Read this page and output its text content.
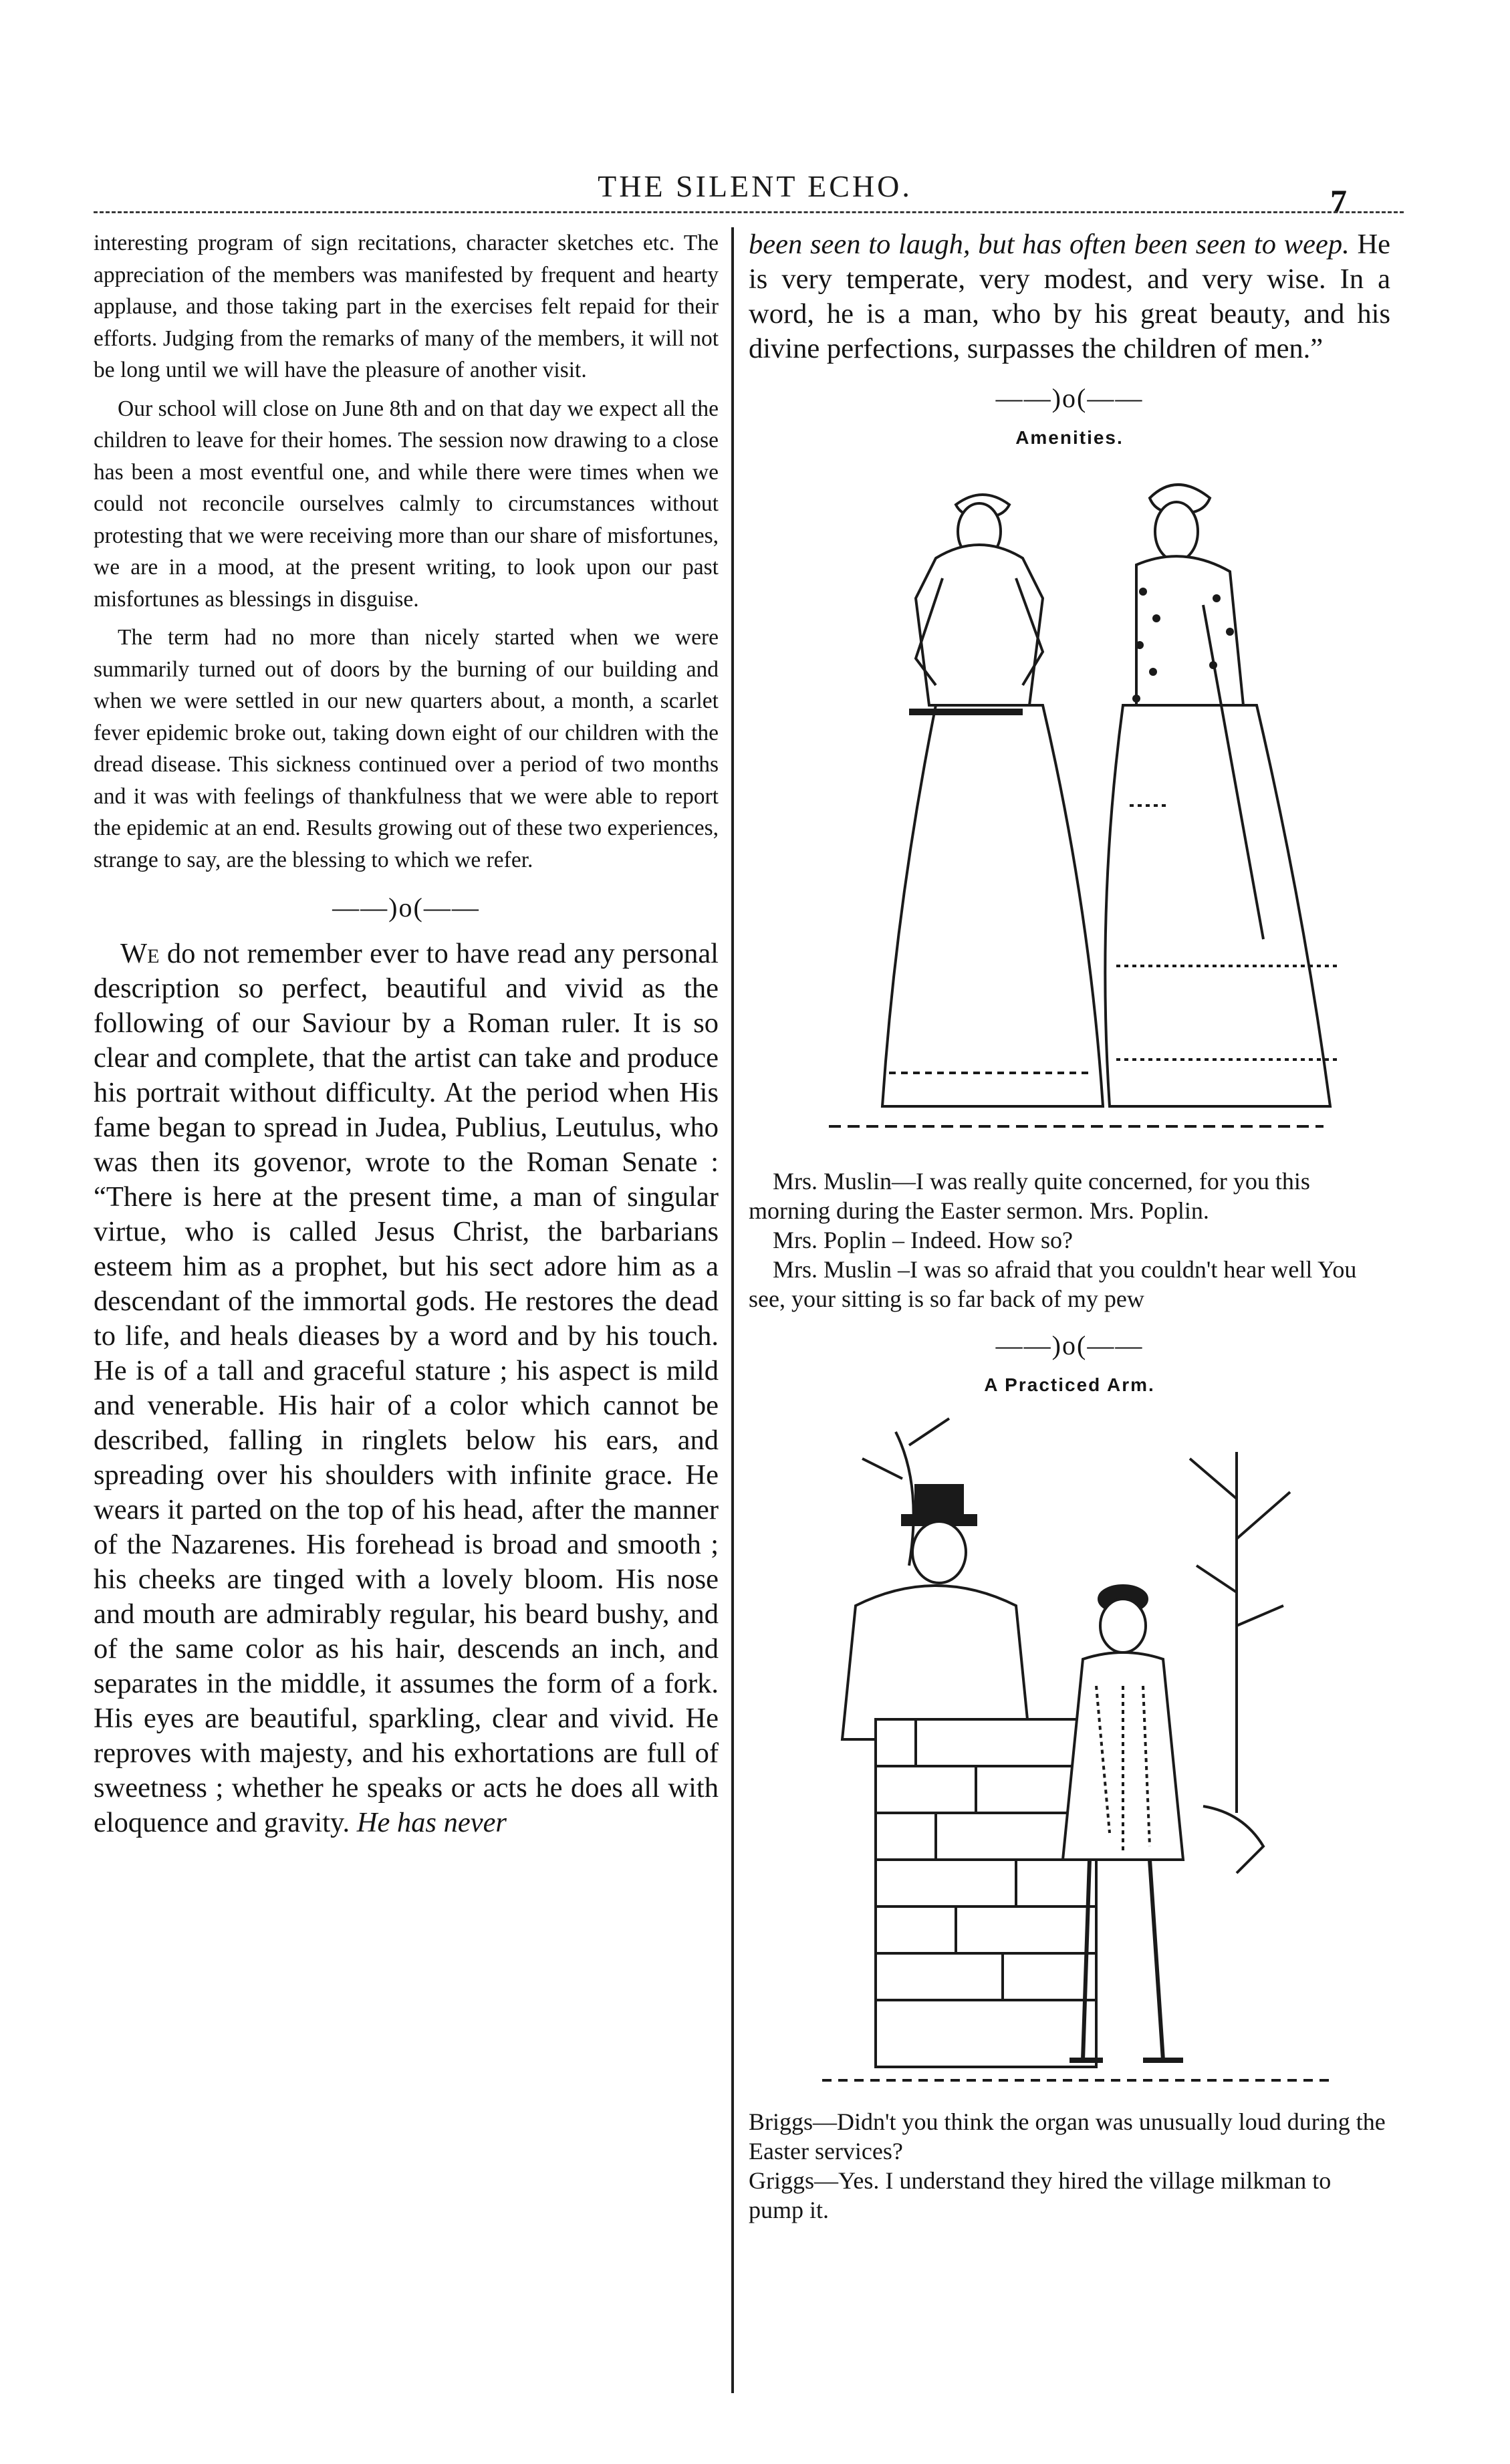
THE SILENT ECHO.	7

interesting program of sign recitations, character sketches etc. The appreciation of the members was manifested by frequent and hearty applause, and those taking part in the exercises felt repaid for their efforts. Judging from the remarks of many of the members, it will not be long until we will have the pleasure of another visit.

Our school will close on June 8th and on that day we expect all the children to leave for their homes. The session now drawing to a close has been a most eventful one, and while there were times when we could not reconcile ourselves calmly to circumstances without protesting that we were receiving more than our share of misfortunes, we are in a mood, at the present writing, to look upon our past misfortunes as blessings in disguise.

The term had no more than nicely started when we were summarily turned out of doors by the burning of our building and when we were settled in our new quarters about, a month, a scarlet fever epidemic broke out, taking down eight of our children with the dread disease. This sickness continued over a period of two months and it was with feelings of thankfulness that we were able to report the epidemic at an end. Results growing out of these two experiences, strange to say, are the blessing to which we refer.

——)o(——

We do not remember ever to have read any personal description so perfect, beautiful and vivid as the following of our Saviour by a Roman ruler. It is so clear and complete, that the artist can take and produce his portrait without difficulty. At the period when His fame began to spread in Judea, Publius, Leutulus, who was then its govenor, wrote to the Roman Senate : “There is here at the present time, a man of singular virtue, who is called Jesus Christ, the barbarians esteem him as a prophet, but his sect adore him as a descendant of the immortal gods. He restores the dead to life, and heals dieases by a word and by his touch. He is of a tall and graceful stature ; his aspect is mild and venerable. His hair of a color which cannot be described, falling in ringlets below his ears, and spreading over his shoulders with infinite grace. He wears it parted on the top of his head, after the manner of the Nazarenes. His forehead is broad and smooth ; his cheeks are tinged with a lovely bloom. His nose and mouth are admirably regular, his beard bushy, and of the same color as his hair, descends an inch, and separates in the middle, it assumes the form of a fork. His eyes are beautiful, sparkling, clear and vivid. He reproves with majesty, and his exhortations are full of sweetness ; whether he speaks or acts he does all with eloquence and gravity. He has never

been seen to laugh, but has often been seen to weep. He is very temperate, very modest, and very wise. In a word, he is a man, who by his great beauty, and his divine perfections, surpasses the children of men.”

——)o(——
Amenities.

Mrs. Muslin—I was really quite concerned, for you this morning during the Easter sermon. Mrs. Poplin.

Mrs. Poplin – Indeed. How so?

Mrs. Muslin –I was so afraid that you couldn't hear well You see, your sitting is so far back of my pew

——)o(——
A Practiced Arm.

Briggs—Didn't you think the organ was unusually loud during the Easter services?

Griggs—Yes. I understand they hired the village milkman to pump it.
